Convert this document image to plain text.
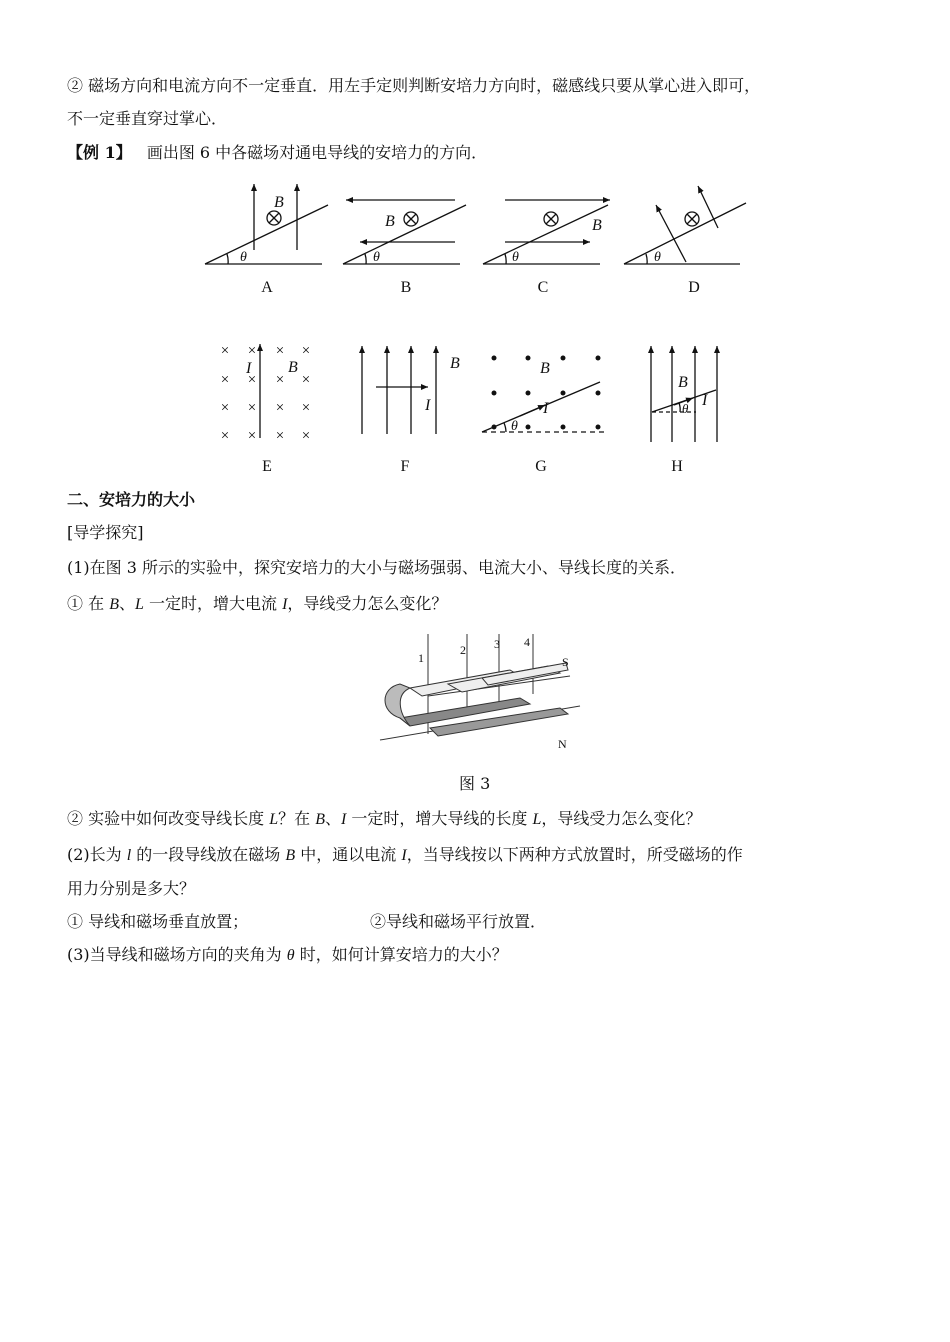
② 磁场方向和电流方向不一定垂直．用左手定则判断安培力方向时，磁感线只要从掌心进入即可，
不一定垂直穿过掌心．
【例 1】 画出图 6 中各磁场对通电导线的安培力的方向．
× × × ×
× × × ×
× × × ×
× × × ×
B
θ
B
θ
B
θ	θ
I B	B
I
B
I
θ
B
I
θ
A	B	C	D
E	F	G	H
二、安培力的大小
[导学探究]
(1)在图 3 所示的实验中，探究安培力的大小与磁场强弱、电流大小、导线长度的关系．
① 在 B、L 一定时，增大电流 I，导线受力怎么变化？
1
2 3 4
S
N
图 3
② 实验中如何改变导线长度 L？在 B、I 一定时，增大导线的长度 L，导线受力怎么变化？
(2)长为 l 的一段导线放在磁场 B 中，通以电流 I，当导线按以下两种方式放置时，所受磁场的作
用力分别是多大？
① 导线和磁场垂直放置；	②导线和磁场平行放置．
(3)当导线和磁场方向的夹角为 θ 时，如何计算安培力的大小？
